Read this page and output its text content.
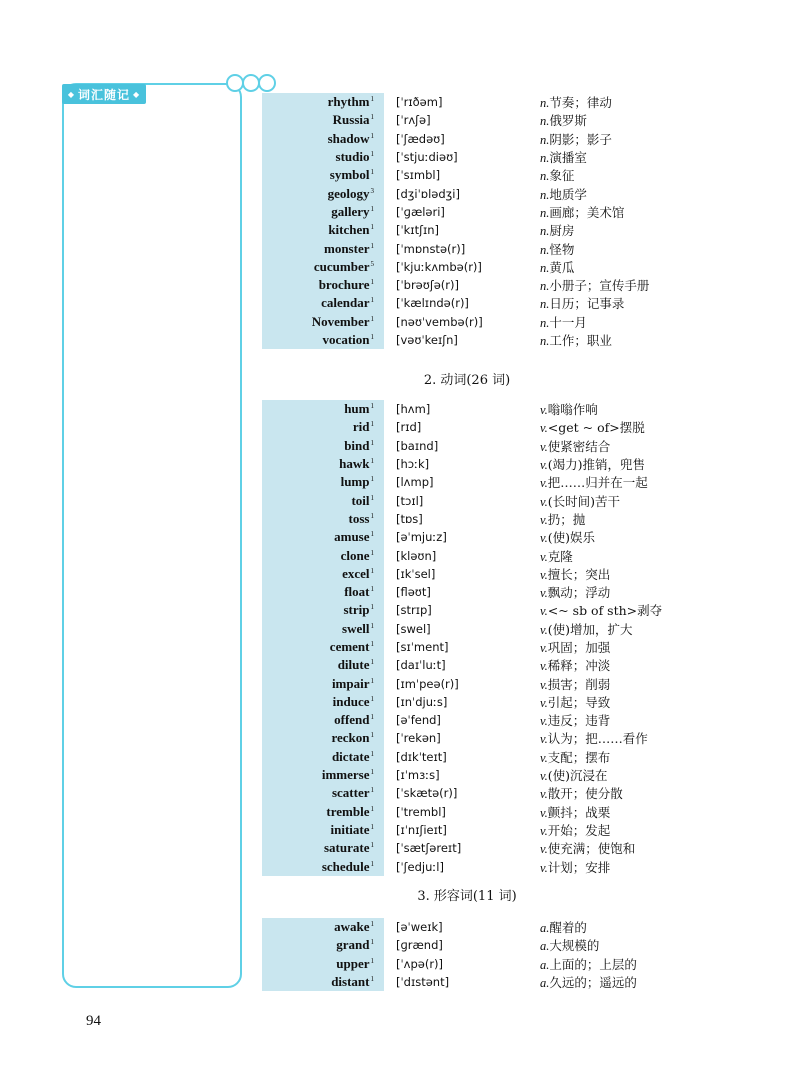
◆ 词汇随记 ◆
rhythm$^1$	[ˈrɪðəm]	n.节奏；律动
Russia$^1$	[ˈrʌʃə]	n.俄罗斯
shadow$^1$	[ˈʃædəʊ]	n.阴影；影子
studio$^1$	[ˈstjuːdiəʊ]	n.演播室
symbol$^1$	[ˈsɪmbl]	n.象征
geology$^3$	[dʒiˈɒlədʒi]	n.地质学
gallery$^1$	[ˈɡæləri]	n.画廊；美术馆
kitchen$^1$	[ˈkɪtʃɪn]	n.厨房
monster$^1$	[ˈmɒnstə(r)]	n.怪物
cucumber$^5$	[ˈkjuːkʌmbə(r)]	n.黄瓜
brochure$^1$	[ˈbrəʊʃə(r)]	n.小册子；宣传手册
calendar$^1$	[ˈkælɪndə(r)]	n.日历；记事录
November$^1$	[nəʊˈvembə(r)]	n.十一月
vocation$^1$	[vəʊˈkeɪʃn]	n.工作；职业
2. 动词(26 词)
hum$^1$	[hʌm]	v.嗡嗡作响
rid$^1$	[rɪd]	v.<get ~ of>摆脱
bind$^1$	[baɪnd]	v.使紧密结合
hawk$^1$	[hɔːk]	v.(竭力)推销，兜售
lump$^1$	[lʌmp]	v.把……归并在一起
toil$^1$	[tɔɪl]	v.(长时间)苦干
toss$^1$	[tɒs]	v.扔；抛
amuse$^1$	[əˈmjuːz]	v.(使)娱乐
clone$^1$	[kləʊn]	v.克隆
excel$^1$	[ɪkˈsel]	v.擅长；突出
float$^1$	[fləʊt]	v.飘动；浮动
strip$^1$	[strɪp]	v.<~ sb of sth>剥夺
swell$^1$	[swel]	v.(使)增加，扩大
cement$^1$	[sɪˈment]	v.巩固；加强
dilute$^1$	[daɪˈluːt]	v.稀释；冲淡
impair$^1$	[ɪmˈpeə(r)]	v.损害；削弱
induce$^1$	[ɪnˈdjuːs]	v.引起；导致
offend$^1$	[əˈfend]	v.违反；违背
reckon$^1$	[ˈrekən]	v.认为；把……看作
dictate$^1$	[dɪkˈteɪt]	v.支配；摆布
immerse$^1$	[ɪˈmɜːs]	v.(使)沉浸在
scatter$^1$	[ˈskætə(r)]	v.散开；使分散
tremble$^1$	[ˈtrembl]	v.颤抖；战栗
initiate$^1$	[ɪˈnɪʃieɪt]	v.开始；发起
saturate$^1$	[ˈsætʃəreɪt]	v.使充满；使饱和
schedule$^1$	[ˈʃedjuːl]	v.计划；安排
3. 形容词(11 词)
awake$^1$	[əˈweɪk]	a.醒着的
grand$^1$	[ɡrænd]	a.大规模的
upper$^1$	[ˈʌpə(r)]	a.上面的；上层的
distant$^1$	[ˈdɪstənt]	a.久远的；遥远的
94
